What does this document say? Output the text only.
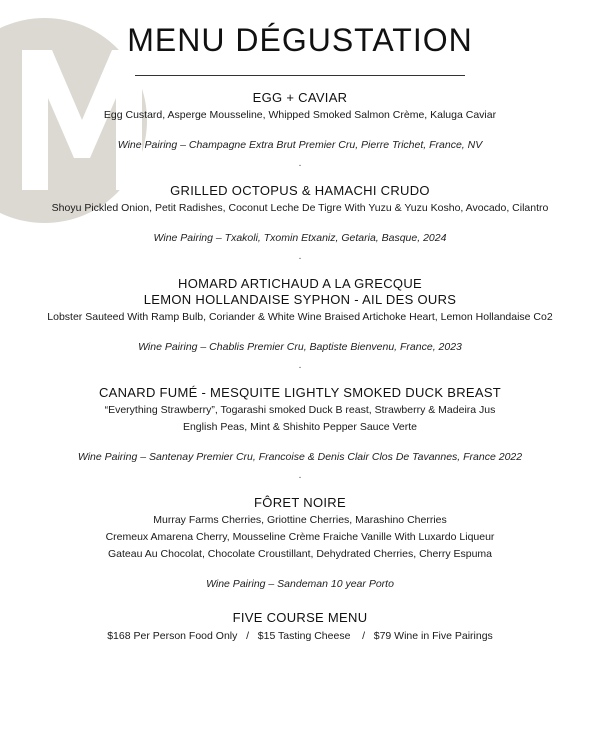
MENU DÉGUSTATION
EGG + CAVIAR
Egg Custard, Asperge Mousseline, Whipped Smoked Salmon Crème, Kaluga Caviar
Wine Pairing – Champagne Extra Brut Premier Cru, Pierre Trichet, France, NV
.
GRILLED OCTOPUS & HAMACHI CRUDO
Shoyu Pickled Onion, Petit Radishes, Coconut Leche De Tigre With Yuzu & Yuzu Kosho, Avocado, Cilantro
Wine Pairing – Txakoli, Txomin Etxaniz, Getaria, Basque, 2024
.
HOMARD ARTICHAUD A LA GRECQUE
LEMON HOLLANDAISE SYPHON - AIL DES OURS
Lobster Sauteed With Ramp Bulb, Coriander & White Wine Braised Artichoke Heart, Lemon Hollandaise Co2
Wine Pairing – Chablis Premier Cru, Baptiste Bienvenu, France, 2023
.
CANARD FUMÉ - MESQUITE LIGHTLY SMOKED DUCK BREAST
“Everything Strawberry”, Togarashi smoked Duck B reast, Strawberry & Madeira Jus
English Peas, Mint & Shishito Pepper Sauce Verte
Wine Pairing – Santenay Premier Cru, Francoise & Denis Clair Clos De Tavannes, France 2022
.
FÔRET NOIRE
Murray Farms Cherries, Griottine Cherries, Marashino Cherries
Cremeux Amarena Cherry, Mousseline Crème Fraiche Vanille With Luxardo Liqueur
Gateau Au Chocolat, Chocolate Croustillant, Dehydrated Cherries, Cherry Espuma
Wine Pairing – Sandeman 10 year Porto
FIVE COURSE MENU
$168 Per Person Food Only   /   $15 Tasting Cheese    /   $79 Wine in Five Pairings
